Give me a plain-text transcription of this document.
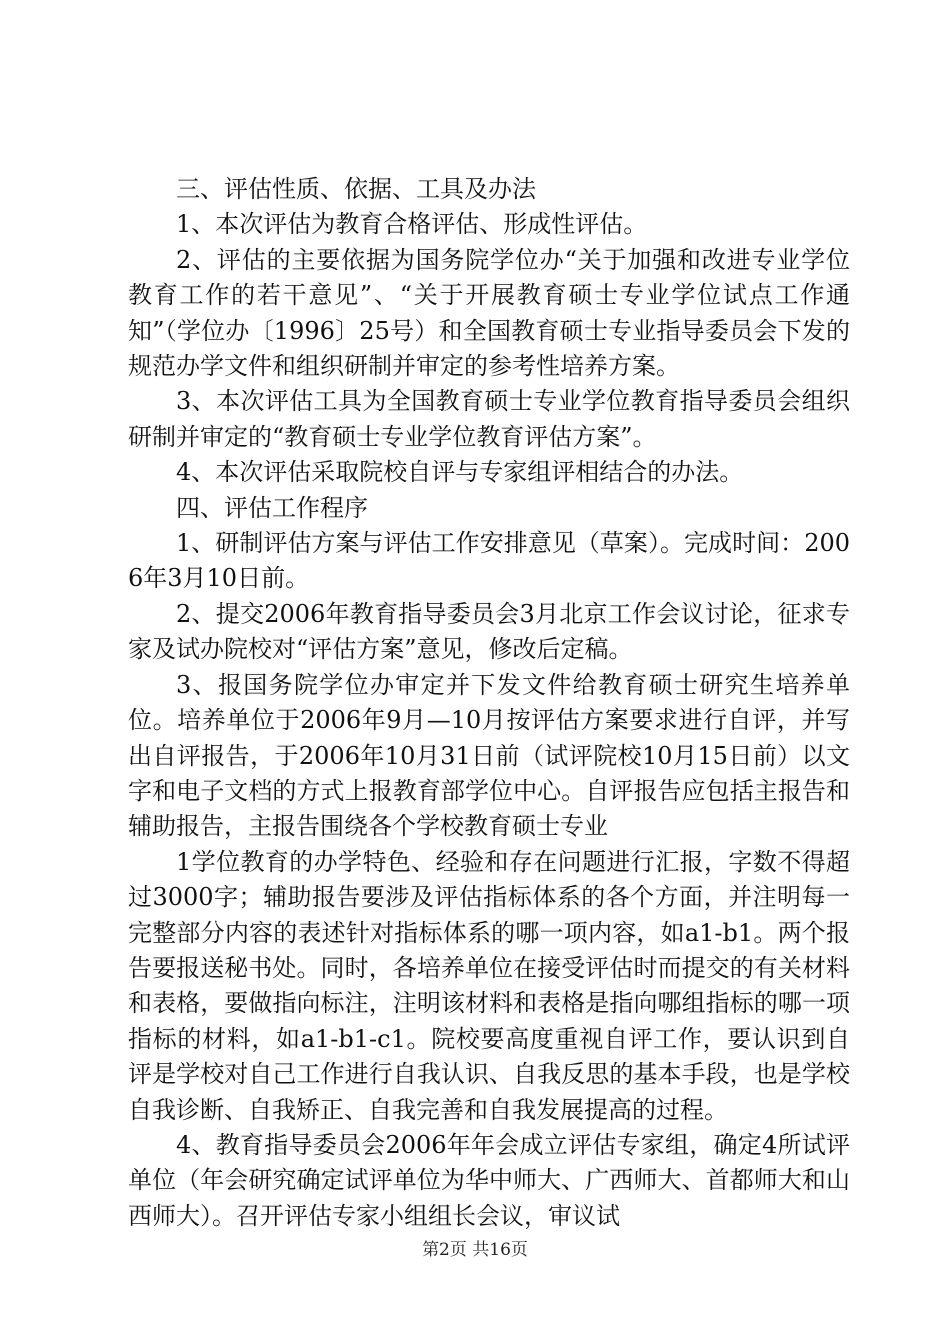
三、评估性质、依据、工具及办法

1、本次评估为教育合格评估、形成性评估。

2、评估的主要依据为国务院学位办“关于加强和改进专业学位教育工作的若干意见”、“关于开展教育硕士专业学位试点工作通知”（学位办〔1996〕25号）和全国教育硕士专业指导委员会下发的规范办学文件和组织研制并审定的参考性培养方案。

3、本次评估工具为全国教育硕士专业学位教育指导委员会组织研制并审定的“教育硕士专业学位教育评估方案”。

4、本次评估采取院校自评与专家组评相结合的办法。

四、评估工作程序

1、研制评估方案与评估工作安排意见（草案）。完成时间：2006年3月10日前。

2、提交2006年教育指导委员会3月北京工作会议讨论，征求专家及试办院校对“评估方案”意见，修改后定稿。

3、报国务院学位办审定并下发文件给教育硕士研究生培养单位。培养单位于2006年9月—10月按评估方案要求进行自评，并写出自评报告，于2006年10月31日前（试评院校10月15日前）以文字和电子文档的方式上报教育部学位中心。自评报告应包括主报告和辅助报告，主报告围绕各个学校教育硕士专业

1学位教育的办学特色、经验和存在问题进行汇报，字数不得超过3000字；辅助报告要涉及评估指标体系的各个方面，并注明每一完整部分内容的表述针对指标体系的哪一项内容，如a1-b1。两个报告要报送秘书处。同时，各培养单位在接受评估时而提交的有关材料和表格，要做指向标注，注明该材料和表格是指向哪组指标的哪一项指标的材料，如a1-b1-c1。院校要高度重视自评工作，要认识到自评是学校对自己工作进行自我认识、自我反思的基本手段，也是学校自我诊断、自我矫正、自我完善和自我发展提高的过程。

4、教育指导委员会2006年年会成立评估专家组，确定4所试评单位（年会研究确定试评单位为华中师大、广西师大、首都师大和山西师大）。召开评估专家小组组长会议，审议试

第2页 共16页
